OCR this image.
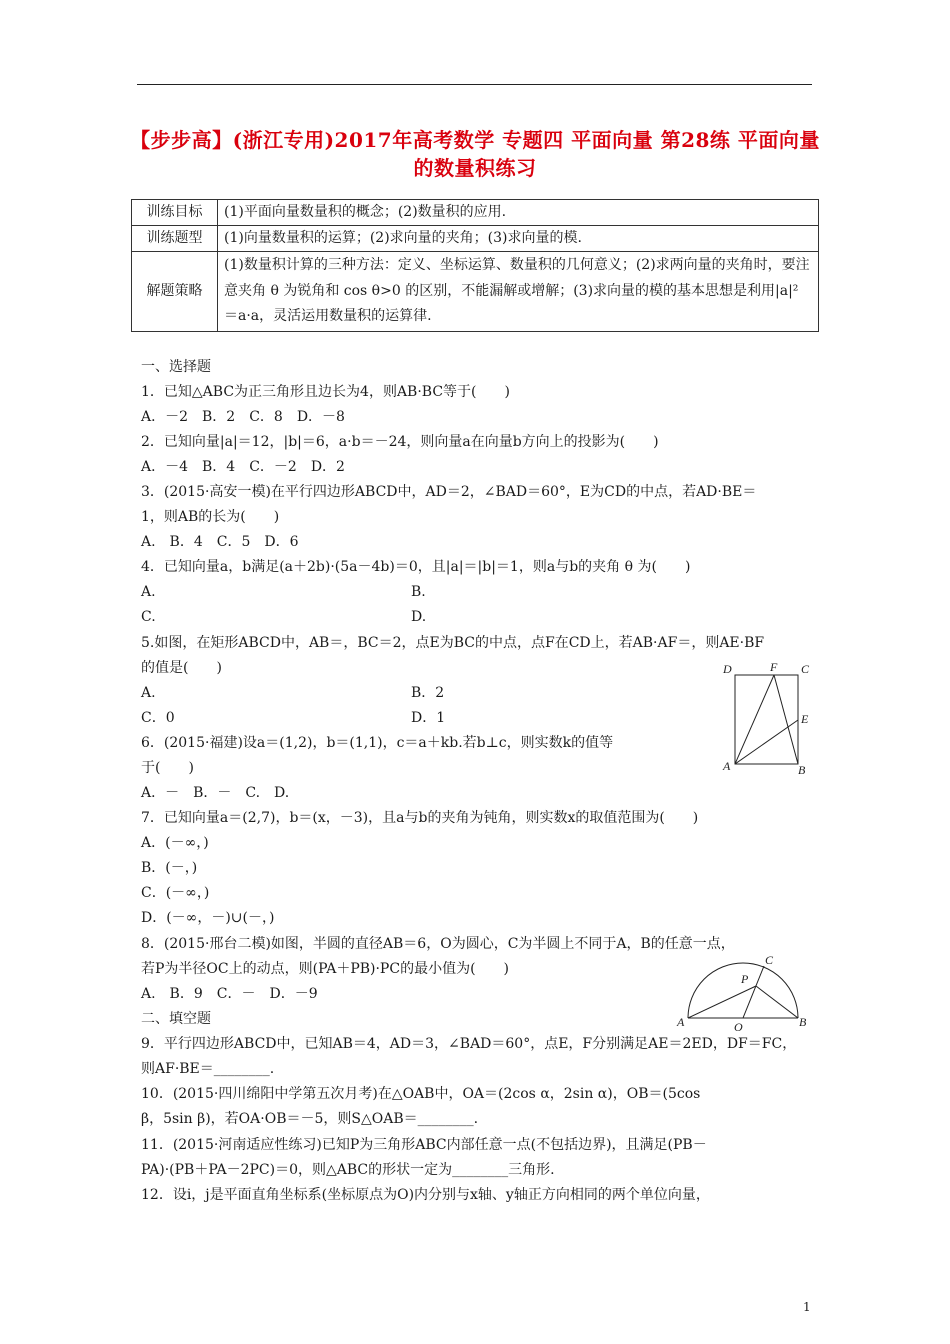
【步步高】(浙江专用)2017年高考数学 专题四 平面向量 第28练 平面向量的数量积练习
训练目标	(1)平面向量数量积的概念；(2)数量积的应用.
训练题型	(1)向量数量积的运算；(2)求向量的夹角；(3)求向量的模.
解题策略	(1)数量积计算的三种方法：定义、坐标运算、数量积的几何意义；(2)求两向量的夹角时，要注意夹角 θ 为锐角和 cos θ>0 的区别，不能漏解或增解；(3)求向量的模的基本思想是利用|a|²＝a·a，灵活运用数量积的运算律.
一、选择题
1．已知△ABC为正三角形且边长为4，则AB·BC等于(　　)
A．－2　B．2　C．8　D．－8
2．已知向量|a|＝12，|b|＝6，a·b＝－24，则向量a在向量b方向上的投影为(　　)
A．－4　B．4　C．－2　D．2
3．(2015·高安一模)在平行四边形ABCD中，AD＝2，∠BAD＝60°，E为CD的中点，若AD·BE＝
1，则AB的长为(　　)
A.　B．4　C．5　D．6
4．已知向量a，b满足(a＋2b)·(5a－4b)＝0，且|a|＝|b|＝1，则a与b的夹角 θ 为(　　)
A.	B.
C.	D.
5.如图，在矩形ABCD中，AB＝，BC＝2，点E为BC的中点，点F在CD上，若AB·AF＝，则AE·BF
的值是(　　)
A.	B．2
C．0	D．1
D	F C
E
A	B
6．(2015·福建)设a＝(1,2)，b＝(1,1)，c＝a＋kb.若b⊥c，则实数k的值等
于(　　)
A．－　B．－　C.　D.
7．已知向量a＝(2,7)，b＝(x，－3)，且a与b的夹角为钝角，则实数x的取值范围为(　　)
A．(－∞，)
B．(－，)
C．(－∞，)
D．(－∞，－)∪(－，)
8．(2015·邢台二模)如图，半圆的直径AB＝6，O为圆心，C为半圆上不同于A，B的任意一点，
若P为半径OC上的动点，则(PA＋PB)·PC的最小值为(　　)
A.　B．9　C．－　D．－9
C
P
A	O	B
二、填空题
9．平行四边形ABCD中，已知AB＝4，AD＝3，∠BAD＝60°，点E，F分别满足AE＝2ED，DF＝FC，
则AF·BE＝________.
10．(2015·四川绵阳中学第五次月考)在△OAB中，OA＝(2cos α，2sin α)，OB＝(5cos
β，5sin β)，若OA·OB＝－5，则S△OAB＝________.
11．(2015·河南适应性练习)已知P为三角形ABC内部任意一点(不包括边界)，且满足(PB－
PA)·(PB＋PA－2PC)＝0，则△ABC的形状一定为________三角形.
12．设i，j是平面直角坐标系(坐标原点为O)内分别与x轴、y轴正方向相同的两个单位向量，
1
